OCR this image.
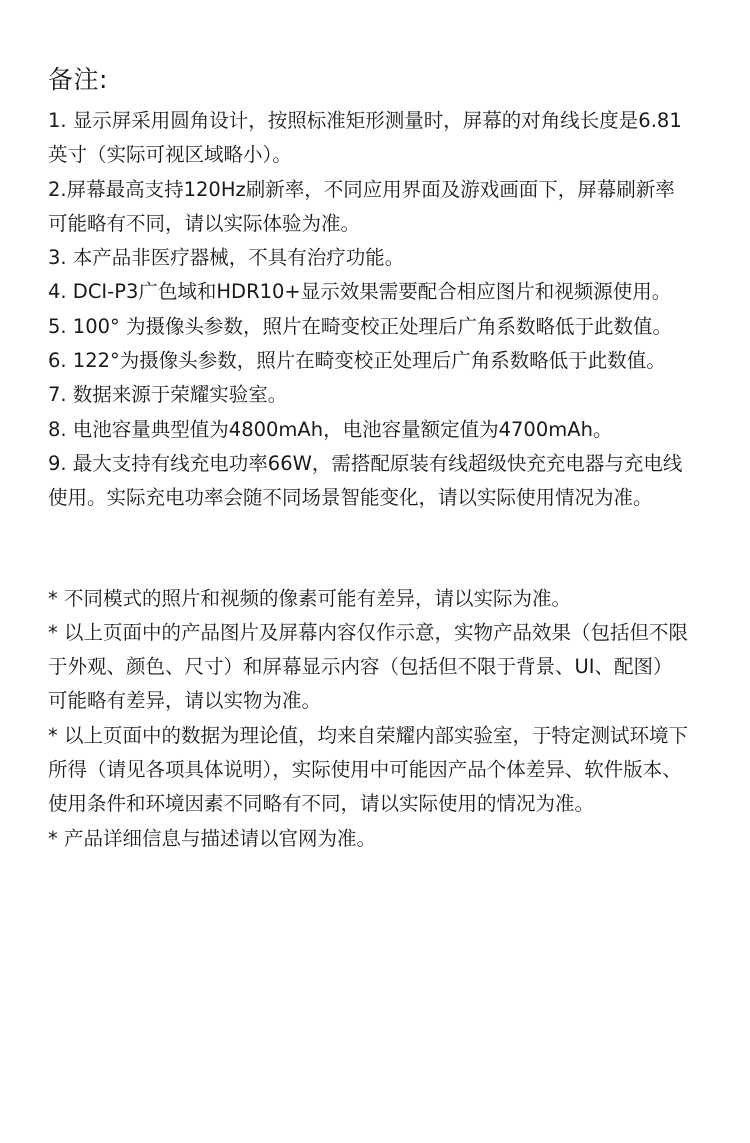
备注:

1. 显示屏采用圆角设计，按照标准矩形测量时，屏幕的对角线长度是6.81

英寸（实际可视区域略小）。

2.屏幕最高支持120Hz刷新率，不同应用界面及游戏画面下，屏幕刷新率

可能略有不同，请以实际体验为准。

3. 本产品非医疗器械，不具有治疗功能。

4. DCI-P3广色域和HDR10+显示效果需要配合相应图片和视频源使用。

5. 100° 为摄像头参数，照片在畸变校正处理后广角系数略低于此数值。

6. 122°为摄像头参数，照片在畸变校正处理后广角系数略低于此数值。

7. 数据来源于荣耀实验室。

8. 电池容量典型值为4800mAh，电池容量额定值为4700mAh。

9. 最大支持有线充电功率66W，需搭配原装有线超级快充充电器与充电线

使用。实际充电功率会随不同场景智能变化，请以实际使用情况为准。

* 不同模式的照片和视频的像素可能有差异，请以实际为准。

* 以上页面中的产品图片及屏幕内容仅作示意，实物产品效果（包括但不限

于外观、颜色、尺寸）和屏幕显示内容（包括但不限于背景、UI、配图）

可能略有差异，请以实物为准。

* 以上页面中的数据为理论值，均来自荣耀内部实验室，于特定测试环境下

所得（请见各项具体说明），实际使用中可能因产品个体差异、软件版本、

使用条件和环境因素不同略有不同，请以实际使用的情况为准。

* 产品详细信息与描述请以官网为准。
